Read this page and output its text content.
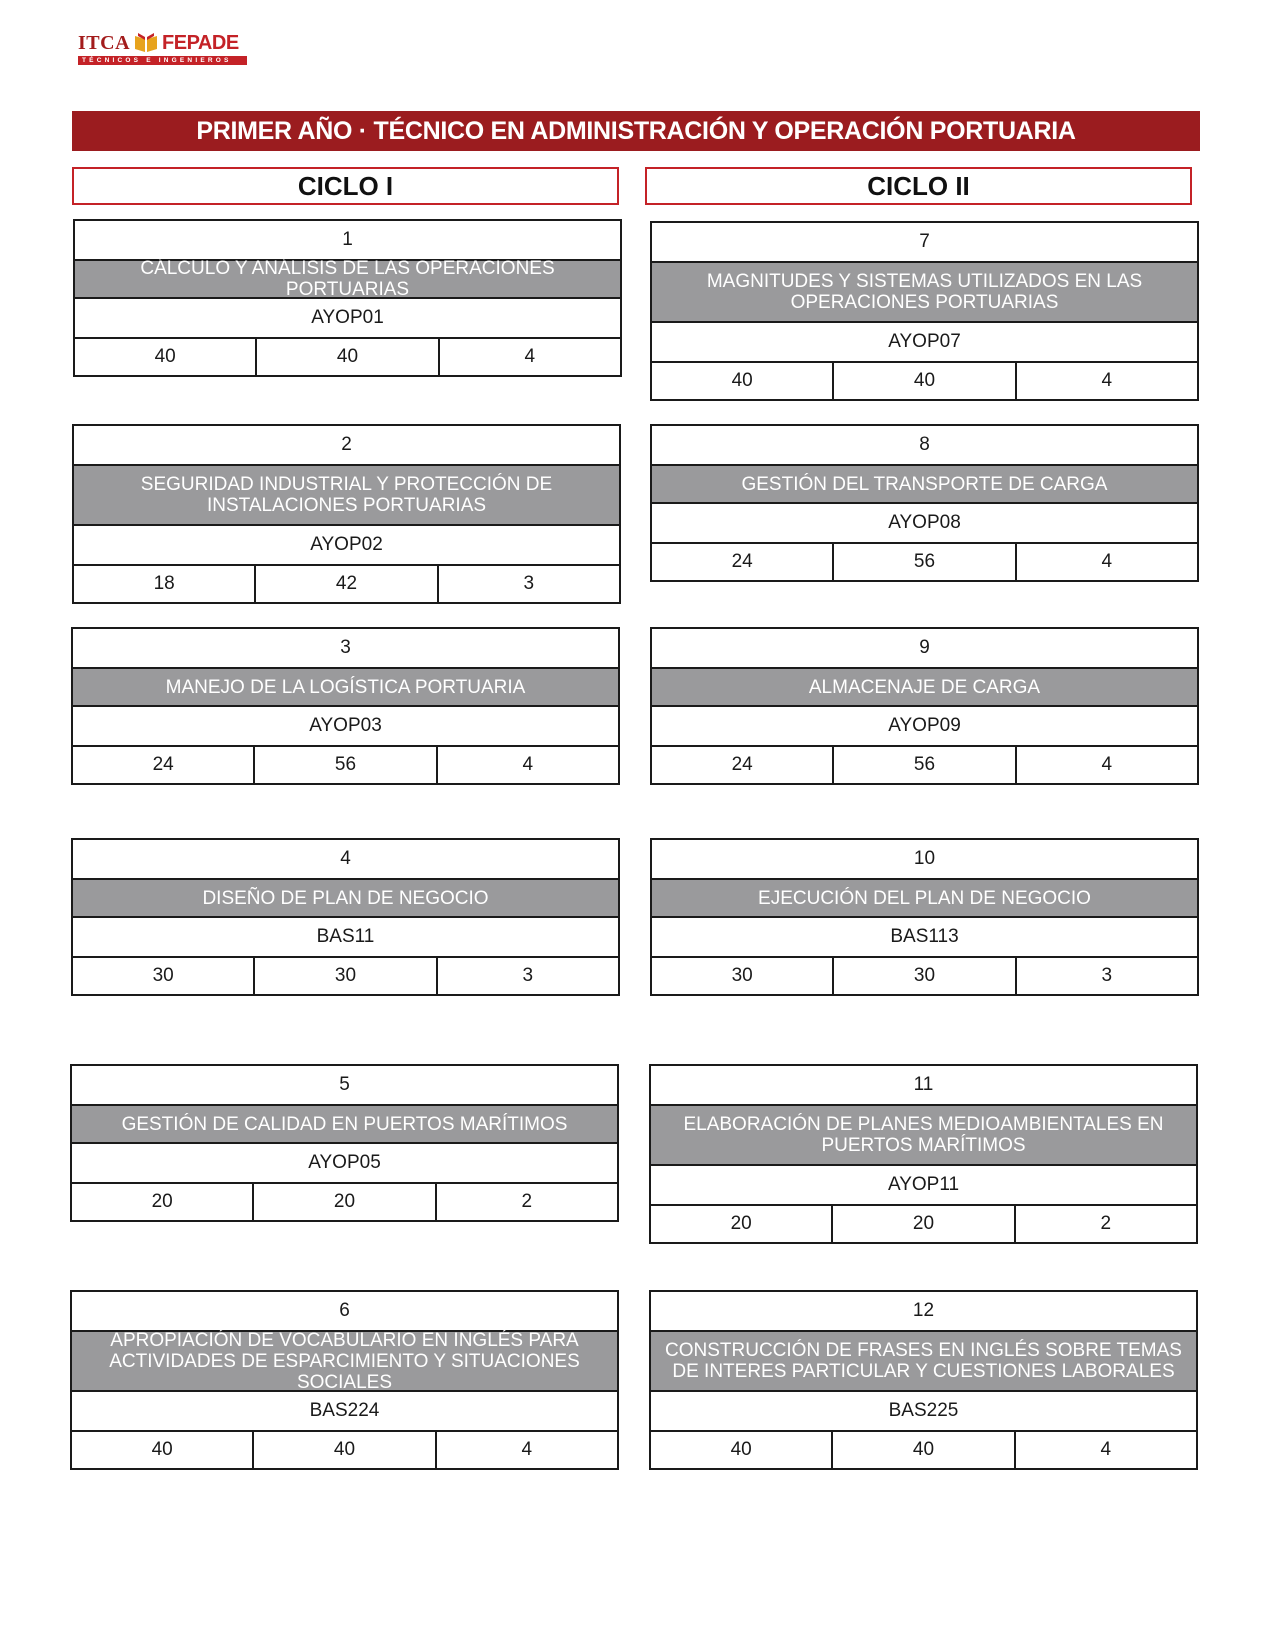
ITCA FEPADE
TÉCNICOS E INGENIEROS
PRIMER AÑO · TÉCNICO EN ADMINISTRACIÓN Y OPERACIÓN PORTUARIA
CICLO I	CICLO II
1
CÁLCULO Y ANÁLISIS DE LAS OPERACIONES PORTUARIAS
AYOP01
40	40	4
2
SEGURIDAD INDUSTRIAL Y PROTECCIÓN DE INSTALACIONES PORTUARIAS
AYOP02
18	42	3
3
MANEJO DE LA LOGÍSTICA PORTUARIA
AYOP03
24	56	4
4
DISEÑO DE PLAN DE NEGOCIO
BAS11
30	30	3
5
GESTIÓN DE CALIDAD EN PUERTOS MARÍTIMOS
AYOP05
20	20	2
6
APROPIACIÓN DE VOCABULARIO EN INGLÉS PARA ACTIVIDADES DE ESPARCIMIENTO Y SITUACIONES SOCIALES
BAS224
40	40	4
7
MAGNITUDES Y SISTEMAS UTILIZADOS EN LAS OPERACIONES PORTUARIAS
AYOP07
40	40	4
8
GESTIÓN DEL TRANSPORTE DE CARGA
AYOP08
24	56	4
9
ALMACENAJE DE CARGA
AYOP09
24	56	4
10
EJECUCIÓN DEL PLAN DE NEGOCIO
BAS113
30	30	3
11
ELABORACIÓN DE PLANES MEDIOAMBIENTALES EN PUERTOS MARÍTIMOS
AYOP11
20	20	2
12
CONSTRUCCIÓN DE FRASES EN INGLÉS SOBRE TEMAS DE INTERES PARTICULAR Y CUESTIONES LABORALES
BAS225
40	40	4
